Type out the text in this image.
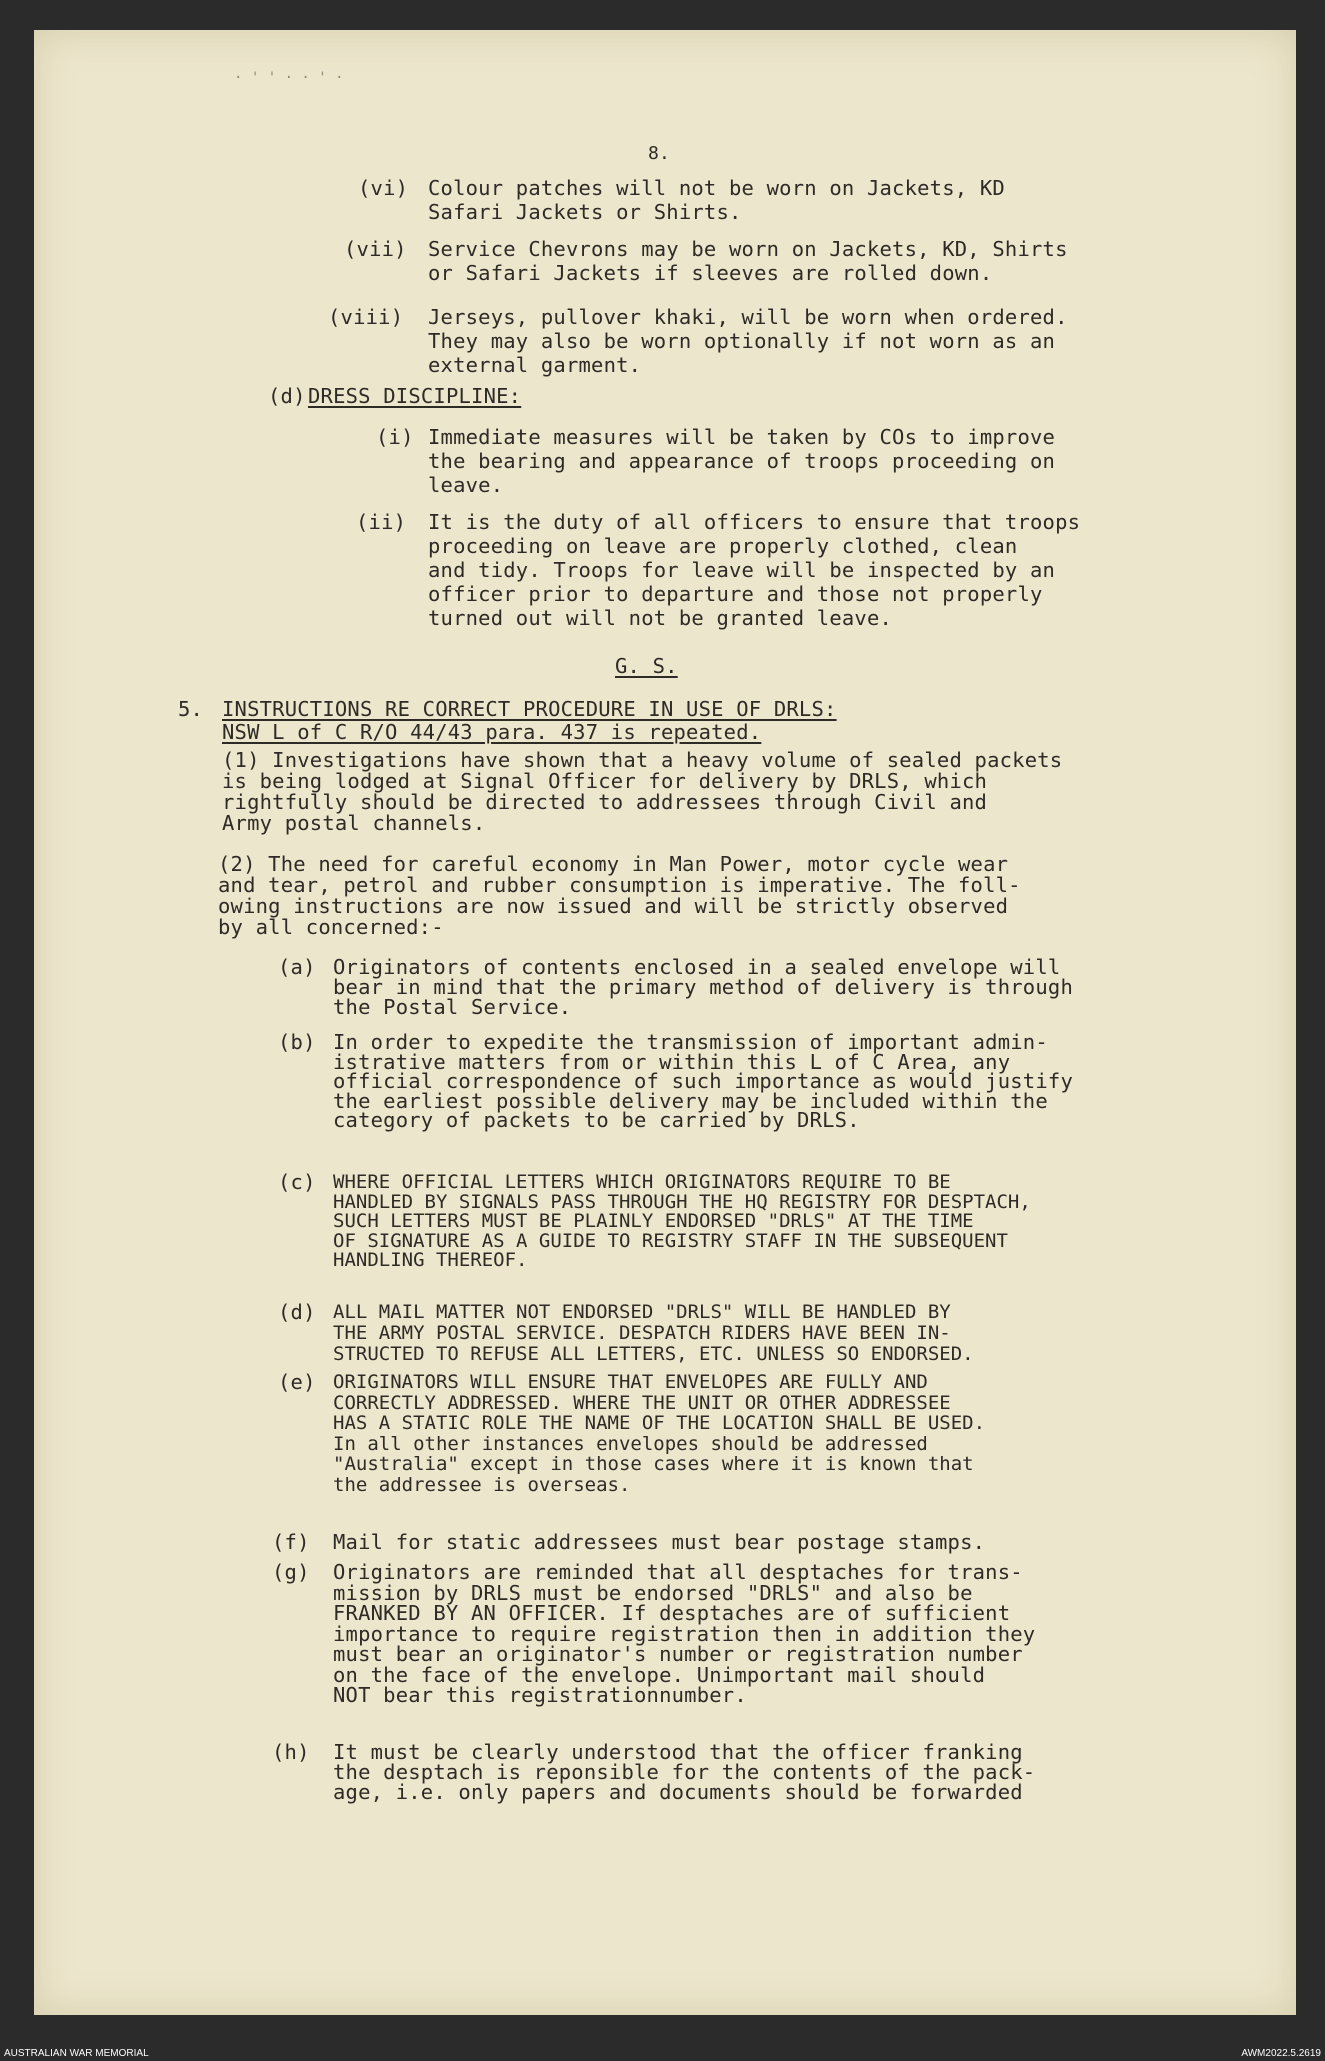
8.
· ' ' · · ' ·
(vi) Colour patches will not be worn on Jackets, KD
Safari Jackets or Shirts.
(vii) Service Chevrons may be worn on Jackets, KD, Shirts
or Safari Jackets if sleeves are rolled down.
(viii) Jerseys, pullover khaki, will be worn when ordered.
They may also be worn optionally if not worn as an
external garment.
(d) DRESS DISCIPLINE:
(i) Immediate measures will be taken by COs to improve
the bearing and appearance of troops proceeding on
leave.
(ii) It is the duty of all officers to ensure that troops
proceeding on leave are properly clothed, clean
and tidy. Troops for leave will be inspected by an
officer prior to departure and those not properly
turned out will not be granted leave.
G. S.
5. INSTRUCTIONS RE CORRECT PROCEDURE IN USE OF DRLS:
NSW L of C R/O 44/43 para. 437 is repeated.
(1) Investigations have shown that a heavy volume of sealed packets
is being lodged at Signal Officer for delivery by DRLS, which
rightfully should be directed to addressees through Civil and
Army postal channels.
(2) The need for careful economy in Man Power, motor cycle wear
and tear, petrol and rubber consumption is imperative. The foll-
owing instructions are now issued and will be strictly observed
by all concerned:-
(a) Originators of contents enclosed in a sealed envelope will
bear in mind that the primary method of delivery is through
the Postal Service.
(b) In order to expedite the transmission of important admin-
istrative matters from or within this L of C Area, any
official correspondence of such importance as would justify
the earliest possible delivery may be included within the
category of packets to be carried by DRLS.
(c) WHERE OFFICIAL LETTERS WHICH ORIGINATORS REQUIRE TO BE
HANDLED BY SIGNALS PASS THROUGH THE HQ REGISTRY FOR DESPTACH,
SUCH LETTERS MUST BE PLAINLY ENDORSED "DRLS" AT THE TIME
OF SIGNATURE AS A GUIDE TO REGISTRY STAFF IN THE SUBSEQUENT
HANDLING THEREOF.
(d) ALL MAIL MATTER NOT ENDORSED "DRLS" WILL BE HANDLED BY
THE ARMY POSTAL SERVICE. DESPATCH RIDERS HAVE BEEN IN-
STRUCTED TO REFUSE ALL LETTERS, ETC. UNLESS SO ENDORSED.
(e) ORIGINATORS WILL ENSURE THAT ENVELOPES ARE FULLY AND
CORRECTLY ADDRESSED. WHERE THE UNIT OR OTHER ADDRESSEE
HAS A STATIC ROLE THE NAME OF THE LOCATION SHALL BE USED.
In all other instances envelopes should be addressed
"Australia" except in those cases where it is known that
the addressee is overseas.
(f) Mail for static addressees must bear postage stamps.
(g) Originators are reminded that all desptaches for trans-
mission by DRLS must be endorsed "DRLS" and also be
FRANKED BY AN OFFICER. If desptaches are of sufficient
importance to require registration then in addition they
must bear an originator's number or registration number
on the face of the envelope. Unimportant mail should
NOT bear this registrationnumber.
(h) It must be clearly understood that the officer franking
the desptach is reponsible for the contents of the pack-
age, i.e. only papers and documents should be forwarded
AUSTRALIAN WAR MEMORIAL	AWM2022.5.2619
